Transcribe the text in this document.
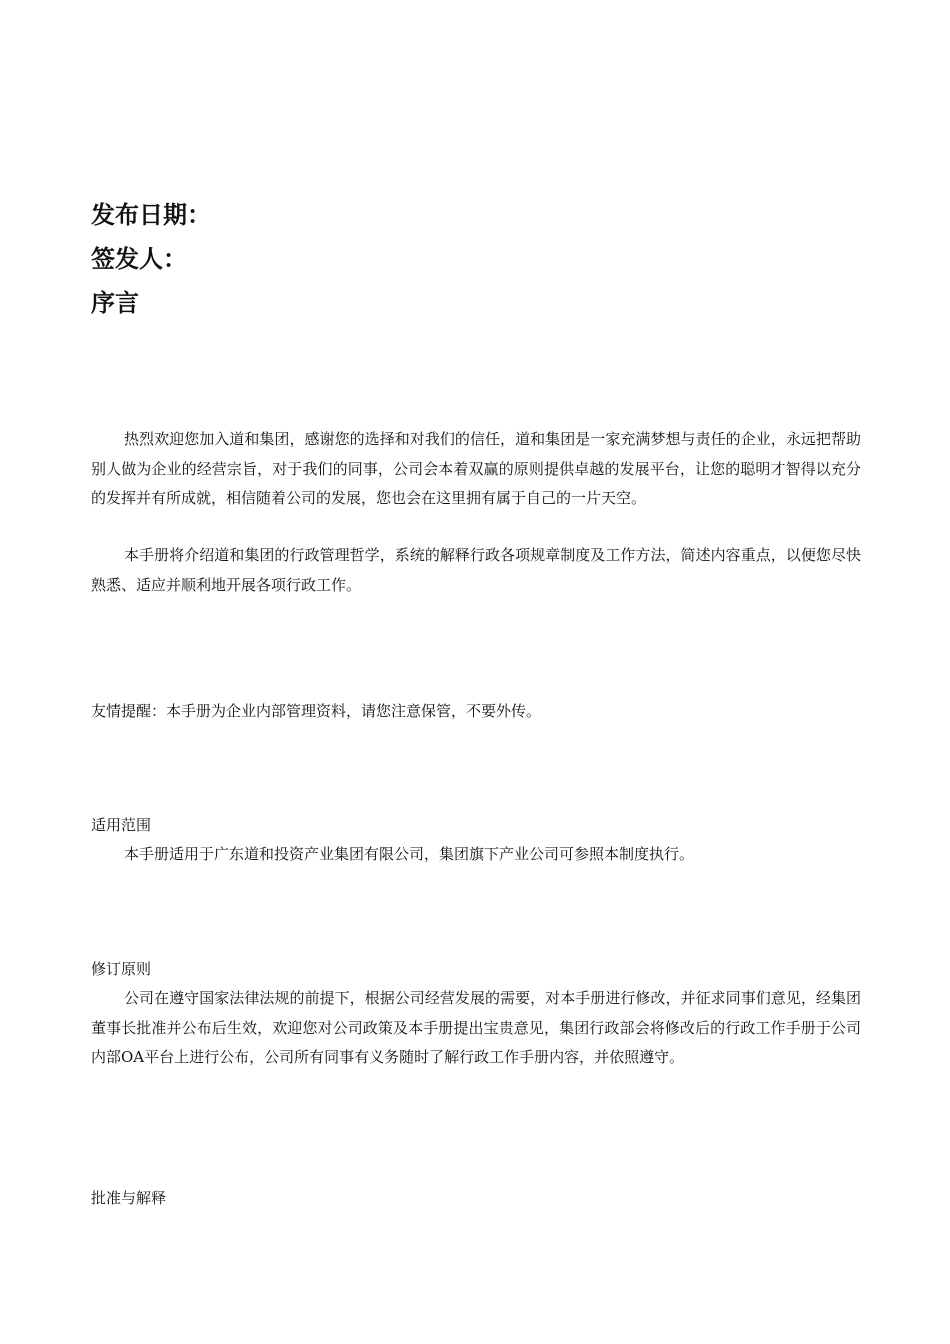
发布日期：
签发人：
序言

热烈欢迎您加入道和集团，感谢您的选择和对我们的信任，道和集团是一家充满梦想与责任的企业，永远把帮助别人做为企业的经营宗旨，对于我们的同事，公司会本着双赢的原则提供卓越的发展平台，让您的聪明才智得以充分的发挥并有所成就，相信随着公司的发展，您也会在这里拥有属于自己的一片天空。

本手册将介绍道和集团的行政管理哲学，系统的解释行政各项规章制度及工作方法，简述内容重点，以便您尽快熟悉、适应并顺利地开展各项行政工作。

友情提醒：本手册为企业内部管理资料，请您注意保管，不要外传。

适用范围

本手册适用于广东道和投资产业集团有限公司，集团旗下产业公司可参照本制度执行。

修订原则

公司在遵守国家法律法规的前提下，根据公司经营发展的需要，对本手册进行修改，并征求同事们意见，经集团董事长批准并公布后生效，欢迎您对公司政策及本手册提出宝贵意见，集团行政部会将修改后的行政工作手册于公司内部OA平台上进行公布，公司所有同事有义务随时了解行政工作手册内容，并依照遵守。

批准与解释
